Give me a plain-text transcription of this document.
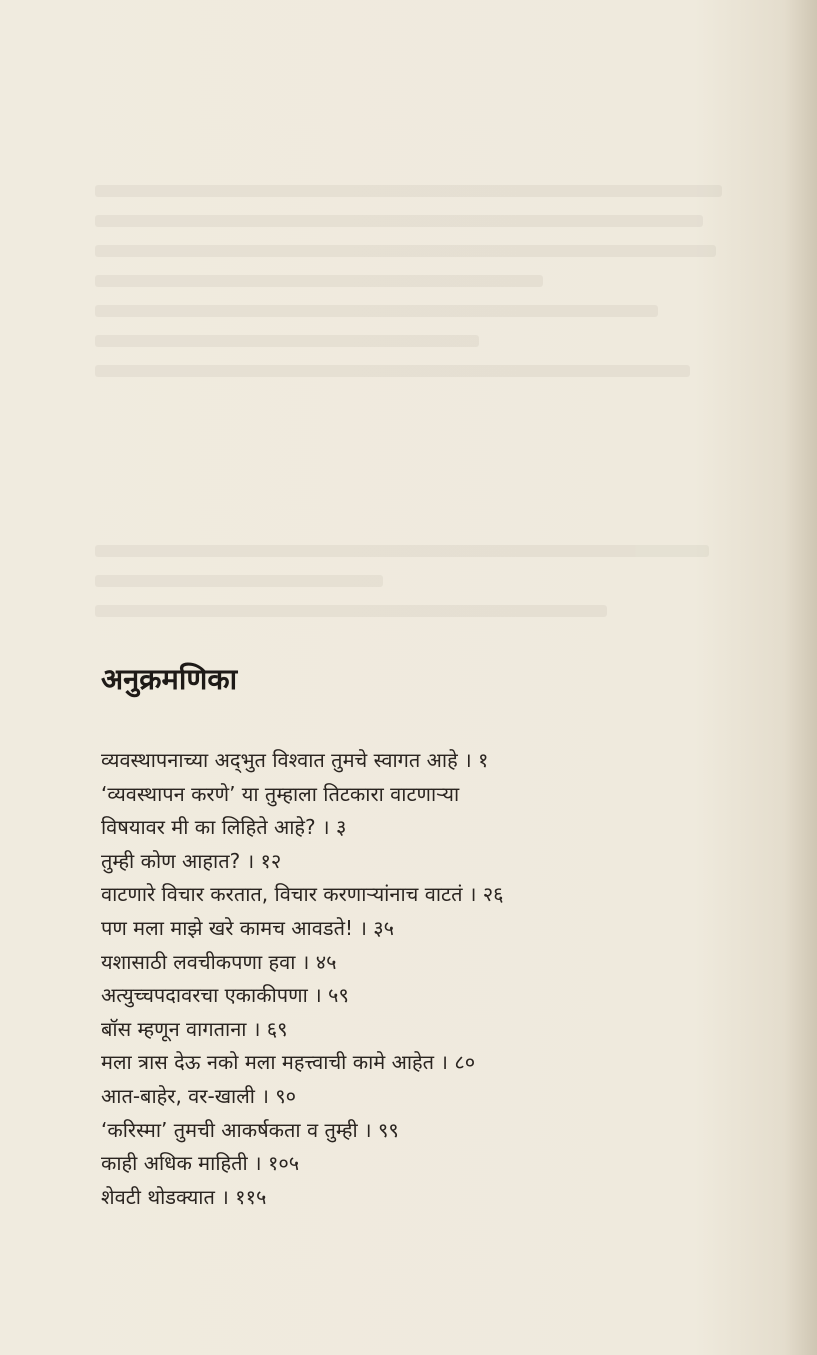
अनुक्रमणिका
व्यवस्थापनाच्या अद्‌भुत विश्वात तुमचे स्वागत आहे । १
‘व्यवस्थापन करणे’ या तुम्हाला तिटकारा वाटणाऱ्या
विषयावर मी का लिहिते आहे? । ३
तुम्ही कोण आहात? । १२
वाटणारे विचार करतात, विचार करणाऱ्यांनाच वाटतं । २६
पण मला माझे खरे कामच आवडते! । ३५
यशासाठी लवचीकपणा हवा । ४५
अत्युच्चपदावरचा एकाकीपणा । ५९
बॉस म्हणून वागताना । ६९
मला त्रास देऊ नको मला महत्त्वाची कामे आहेत । ८०
आत-बाहेर, वर-खाली । ९०
‘करिस्मा’ तुमची आकर्षकता व तुम्ही । ९९
काही अधिक माहिती । १०५
शेवटी थोडक्यात । ११५
